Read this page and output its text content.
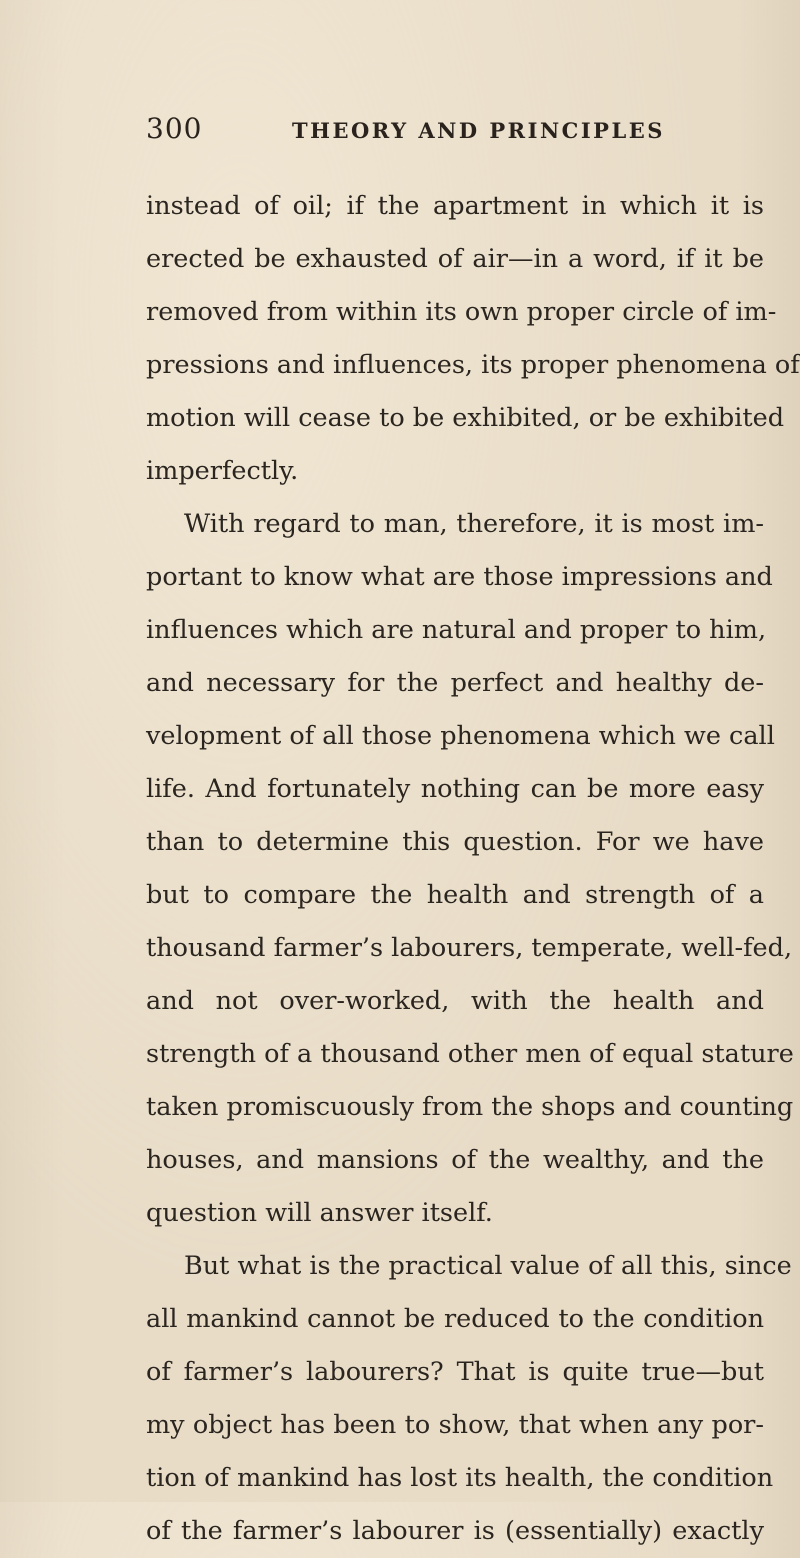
300	THEORY AND PRINCIPLES
instead of oil; if the apartment in which it is
erected be exhausted of air—in a word, if it be
removed from within its own proper circle of im-
pressions and influences, its proper phenomena of
motion will cease to be exhibited, or be exhibited
imperfectly.
With regard to man, therefore, it is most im-
portant to know what are those impressions and
influences which are natural and proper to him,
and necessary for the perfect and healthy de-
velopment of all those phenomena which we call
life. And fortunately nothing can be more easy
than to determine this question. For we have
but to compare the health and strength of a
thousand farmer’s labourers, temperate, well-fed,
and not over-worked, with the health and
strength of a thousand other men of equal stature
taken promiscuously from the shops and counting
houses, and mansions of the wealthy, and the
question will answer itself.
But what is the practical value of all this, since
all mankind cannot be reduced to the condition
of farmer’s labourers? That is quite true—but
my object has been to show, that when any por-
tion of mankind has lost its health, the condition
of the farmer’s labourer is (essentially) exactly
